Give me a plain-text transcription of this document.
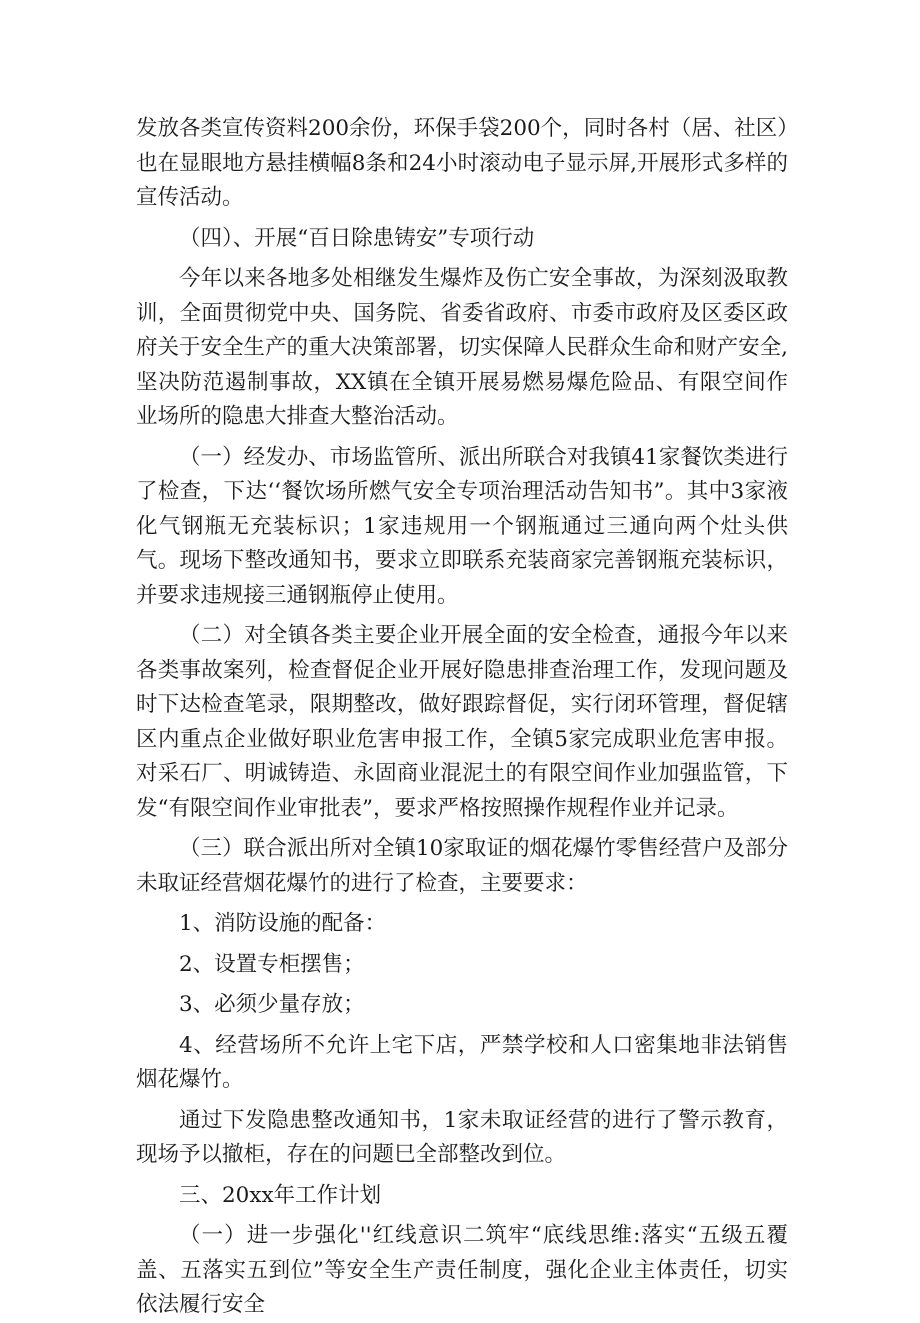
发放各类宣传资料200余份，环保手袋200个，同时各村（居、社区）也在显眼地方悬挂横幅8条和24小时滚动电子显示屏,开展形式多样的宣传活动。

（四）、开展“百日除患铸安”专项行动

今年以来各地多处相继发生爆炸及伤亡安全事故，为深刻汲取教训，全面贯彻党中央、国务院、省委省政府、市委市政府及区委区政府关于安全生产的重大决策部署，切实保障人民群众生命和财产安全,坚决防范遏制事故，XX镇在全镇开展易燃易爆危险品、有限空间作业场所的隐患大排查大整治活动。

（一）经发办、市场监管所、派出所联合对我镇41家餐饮类进行了检查，下达‘‘餐饮场所燃气安全专项治理活动告知书”。其中3家液化气钢瓶无充装标识；1家违规用一个钢瓶通过三通向两个灶头供气。现场下整改通知书，要求立即联系充装商家完善钢瓶充装标识，并要求违规接三通钢瓶停止使用。

（二）对全镇各类主要企业开展全面的安全检查，通报今年以来各类事故案列，检查督促企业开展好隐患排查治理工作，发现问题及时下达检查笔录，限期整改，做好跟踪督促，实行闭环管理，督促辖区内重点企业做好职业危害申报工作，全镇5家完成职业危害申报。对采石厂、明诚铸造、永固商业混泥土的有限空间作业加强监管，下发“有限空间作业审批表”，要求严格按照操作规程作业并记录。

（三）联合派出所对全镇10家取证的烟花爆竹零售经营户及部分未取证经营烟花爆竹的进行了检查，主要要求：

1、消防设施的配备：

2、设置专柜摆售；

3、必须少量存放；

4、经营场所不允许上宅下店，严禁学校和人口密集地非法销售烟花爆竹。

通过下发隐患整改通知书，1家未取证经营的进行了警示教育，现场予以撤柜，存在的问题巳全部整改到位。

三、20xx年工作计划

（一）进一步强化''红线意识二筑牢“底线思维:落实“五级五覆盖、五落实五到位”等安全生产责任制度，强化企业主体责任，切实依法履行安全
